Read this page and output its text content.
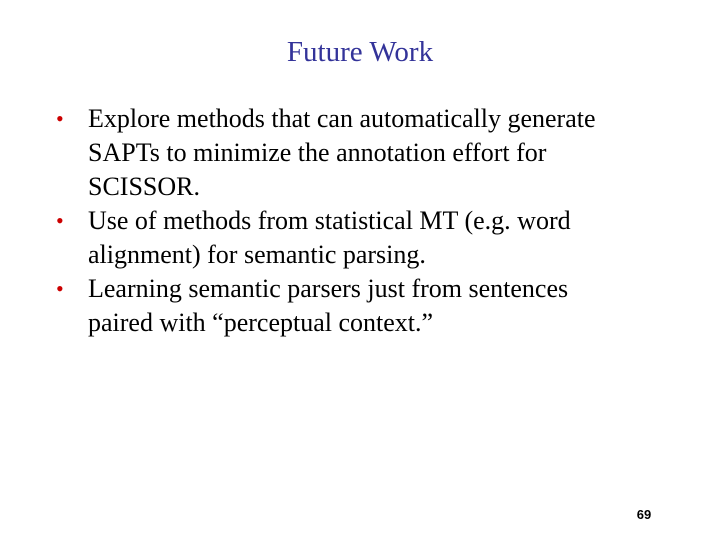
Future Work
• Explore methods that can automatically generate
SAPTs to minimize the annotation effort for
SCISSOR.
• Use of methods from statistical MT (e.g. word
alignment) for semantic parsing.
• Learning semantic parsers just from sentences
paired with “perceptual context.”
69
